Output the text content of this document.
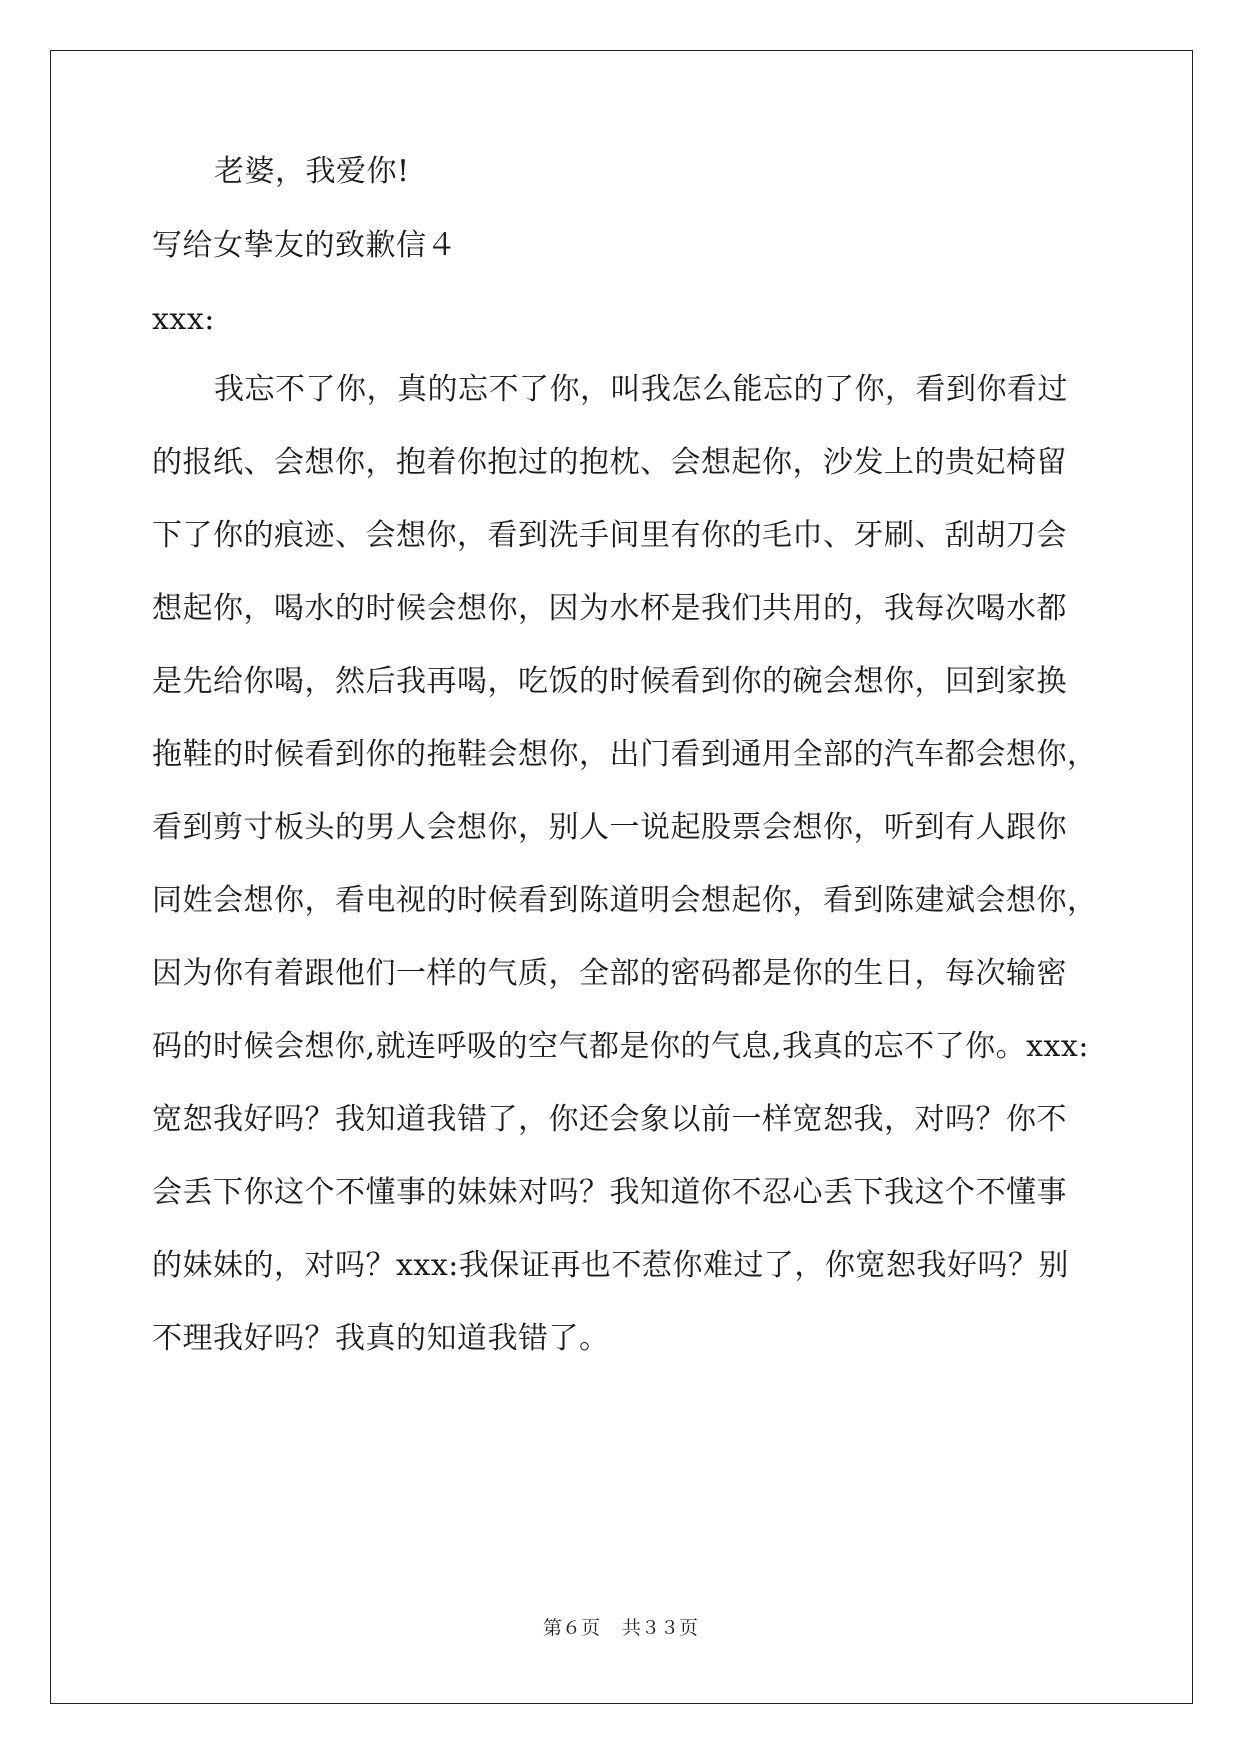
老婆，我爱你!
写给女挚友的致歉信４
xxx:
我忘不了你，真的忘不了你，叫我怎么能忘的了你，看到你看过
的报纸、会想你，抱着你抱过的抱枕、会想起你，沙发上的贵妃椅留
下了你的痕迹、会想你，看到洗手间里有你的毛巾、牙刷、刮胡刀会
想起你，喝水的时候会想你，因为水杯是我们共用的，我每次喝水都
是先给你喝，然后我再喝，吃饭的时候看到你的碗会想你，回到家换
拖鞋的时候看到你的拖鞋会想你，出门看到通用全部的汽车都会想你，
看到剪寸板头的男人会想你，别人一说起股票会想你，听到有人跟你
同姓会想你，看电视的时候看到陈道明会想起你，看到陈建斌会想你，
因为你有着跟他们一样的气质，全部的密码都是你的生日，每次输密
码的时候会想你,就连呼吸的空气都是你的气息,我真的忘不了你。xxx:
宽恕我好吗？我知道我错了，你还会象以前一样宽恕我，对吗？你不
会丢下你这个不懂事的妹妹对吗？我知道你不忍心丢下我这个不懂事
的妹妹的，对吗？xxx:我保证再也不惹你难过了，你宽恕我好吗？别
不理我好吗？我真的知道我错了。
第６页 共３３页
